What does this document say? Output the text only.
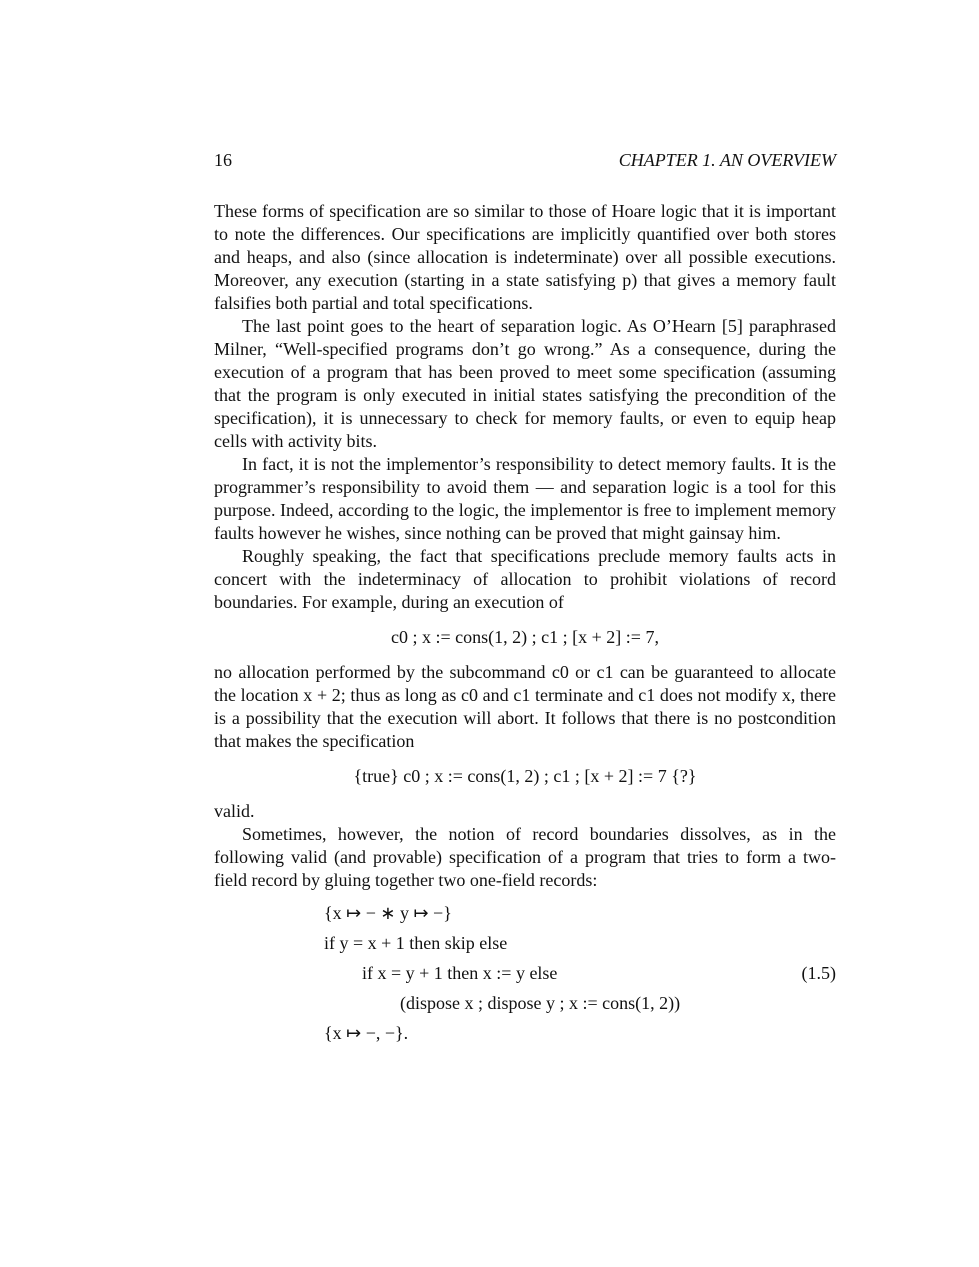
16	CHAPTER 1. AN OVERVIEW

These forms of specification are so similar to those of Hoare logic that it is important to note the differences. Our specifications are implicitly quantified over both stores and heaps, and also (since allocation is indeterminate) over all possible executions. Moreover, any execution (starting in a state satisfying p) that gives a memory fault falsifies both partial and total specifications.

The last point goes to the heart of separation logic. As O’Hearn [5] paraphrased Milner, “Well-specified programs don’t go wrong.” As a consequence, during the execution of a program that has been proved to meet some specification (assuming that the program is only executed in initial states satisfying the precondition of the specification), it is unnecessary to check for memory faults, or even to equip heap cells with activity bits.

In fact, it is not the implementor’s responsibility to detect memory faults. It is the programmer’s responsibility to avoid them — and separation logic is a tool for this purpose. Indeed, according to the logic, the implementor is free to implement memory faults however he wishes, since nothing can be proved that might gainsay him.

Roughly speaking, the fact that specifications preclude memory faults acts in concert with the indeterminacy of allocation to prohibit violations of record boundaries. For example, during an execution of

c0 ; x := cons(1, 2) ; c1 ; [x + 2] := 7,

no allocation performed by the subcommand c0 or c1 can be guaranteed to allocate the location x + 2; thus as long as c0 and c1 terminate and c1 does not modify x, there is a possibility that the execution will abort. It follows that there is no postcondition that makes the specification

{true} c0 ; x := cons(1, 2) ; c1 ; [x + 2] := 7 {?}

valid.

Sometimes, however, the notion of record boundaries dissolves, as in the following valid (and provable) specification of a program that tries to form a two-field record by gluing together two one-field records:

{x ↦ − ∗ y ↦ −}
if y = x + 1 then skip else
if x = y + 1 then x := y else
(dispose x ; dispose y ; x := cons(1, 2))
{x ↦ −, −}.
(1.5)
